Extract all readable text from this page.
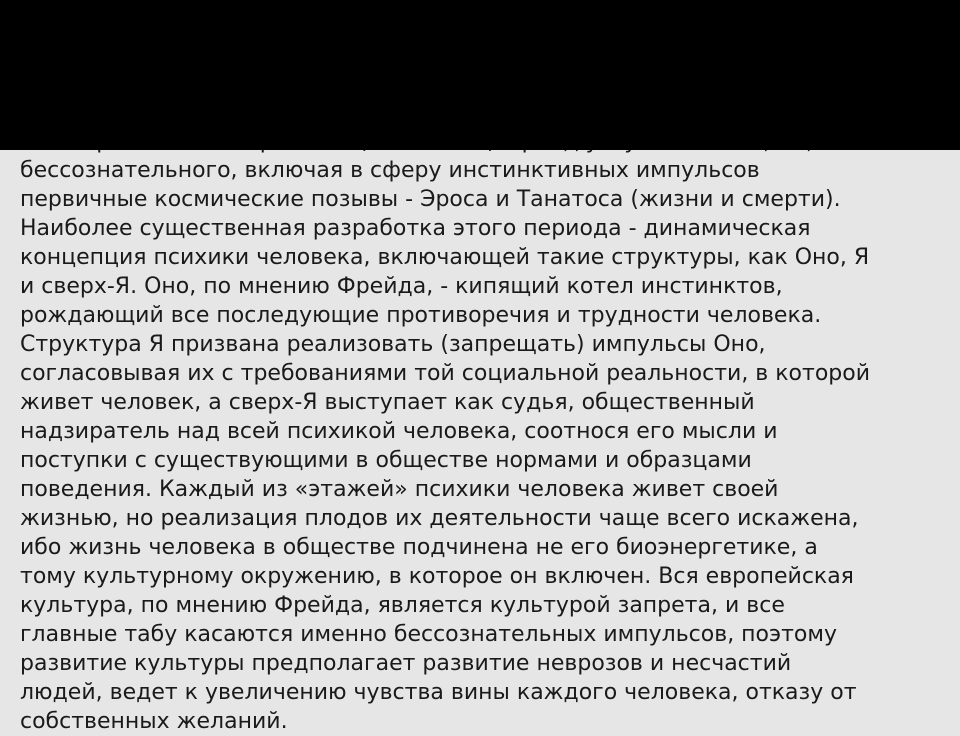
бессознательного, включая в сферу инстинктивных импульсов
первичные космические позывы - Эроса и Танатоса (жизни и смерти).
Наиболее существенная разработка этого периода - динамическая
концепция психики человека, включающей такие структуры, как Оно, Я
и сверх-Я. Оно, по мнению Фрейда, - кипящий котел инстинктов,
рождающий все последующие противоречия и трудности человека.
Структура Я призвана реализовать (запрещать) импульсы Оно,
согласовывая их с требованиями той социальной реальности, в которой
живет человек, а сверх-Я выступает как судья, общественный
надзиратель над всей психикой человека, соотнося его мысли и
поступки с существующими в обществе нормами и образцами
поведения. Каждый из «этажей» психики человека живет своей
жизнью, но реализация плодов их деятельности чаще всего искажена,
ибо жизнь человека в обществе подчинена не его биоэнергетике, а
тому культурному окружению, в которое он включен. Вся европейская
культура, по мнению Фрейда, является культурой запрета, и все
главные табу касаются именно бессознательных импульсов, поэтому
развитие культуры предполагает развитие неврозов и несчастий
людей, ведет к увеличению чувства вины каждого человека, отказу от
собственных желаний.
